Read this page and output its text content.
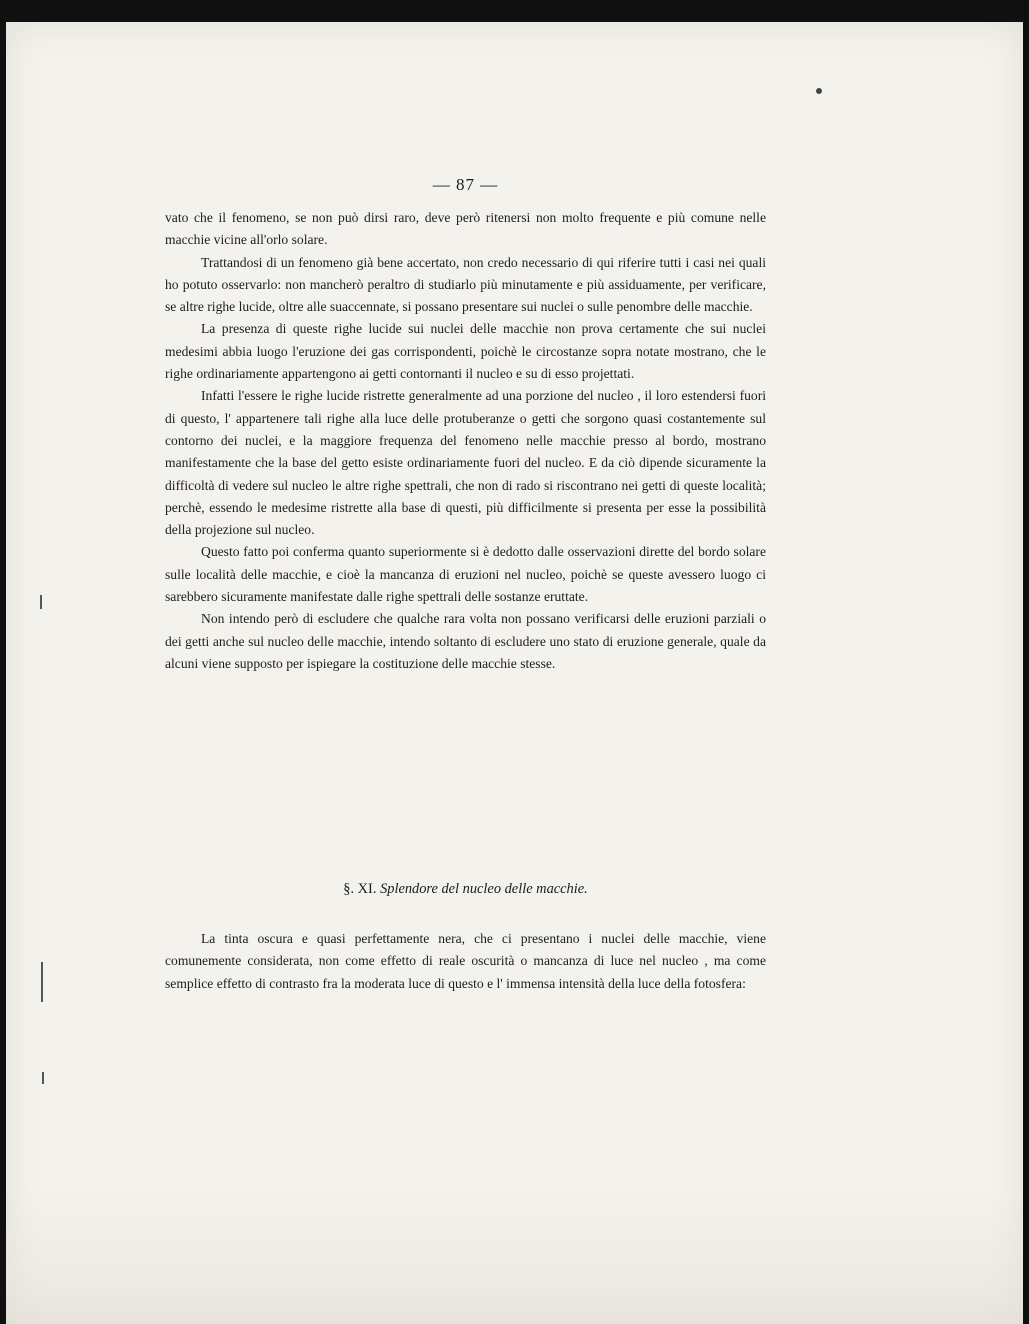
— 87 —

vato che il fenomeno, se non può dirsi raro, deve però ritenersi non molto frequente e più comune nelle macchie vicine all'orlo solare.

Trattandosi di un fenomeno già bene accertato, non credo necessario di qui riferire tutti i casi nei quali ho potuto osservarlo: non mancherò peraltro di studiarlo più minutamente e più assiduamente, per verificare, se altre righe lucide, oltre alle suaccennate, si possano presentare sui nuclei o sulle penombre delle macchie.

La presenza di queste righe lucide sui nuclei delle macchie non prova certamente che sui nuclei medesimi abbia luogo l'eruzione dei gas corrispondenti, poichè le circostanze sopra notate mostrano, che le righe ordinariamente appartengono ai getti contornanti il nucleo e su di esso projettati.

Infatti l'essere le righe lucide ristrette generalmente ad una porzione del nucleo , il loro estendersi fuori di questo, l' appartenere tali righe alla luce delle protuberanze o getti che sorgono quasi costantemente sul contorno dei nuclei, e la maggiore frequenza del fenomeno nelle macchie presso al bordo, mostrano manifestamente che la base del getto esiste ordinariamente fuori del nucleo. E da ciò dipende sicuramente la difficoltà di vedere sul nucleo le altre righe spettrali, che non di rado si riscontrano nei getti di queste località; perchè, essendo le medesime ristrette alla base di questi, più difficilmente si presenta per esse la possibilità della projezione sul nucleo.

Questo fatto poi conferma quanto superiormente si è dedotto dalle osservazioni dirette del bordo solare sulle località delle macchie, e cioè la mancanza di eruzioni nel nucleo, poichè se queste avessero luogo ci sarebbero sicuramente manifestate dalle righe spettrali delle sostanze eruttate.

Non intendo però di escludere che qualche rara volta non possano verificarsi delle eruzioni parziali o dei getti anche sul nucleo delle macchie, intendo soltanto di escludere uno stato di eruzione generale, quale da alcuni viene supposto per ispiegare la costituzione delle macchie stesse.

§. XI. Splendore del nucleo delle macchie.

La tinta oscura e quasi perfettamente nera, che ci presentano i nuclei delle macchie, viene comunemente considerata, non come effetto di reale oscurità o mancanza di luce nel nucleo , ma come semplice effetto di contrasto fra la moderata luce di questo e l' immensa intensità della luce della fotosfera:
